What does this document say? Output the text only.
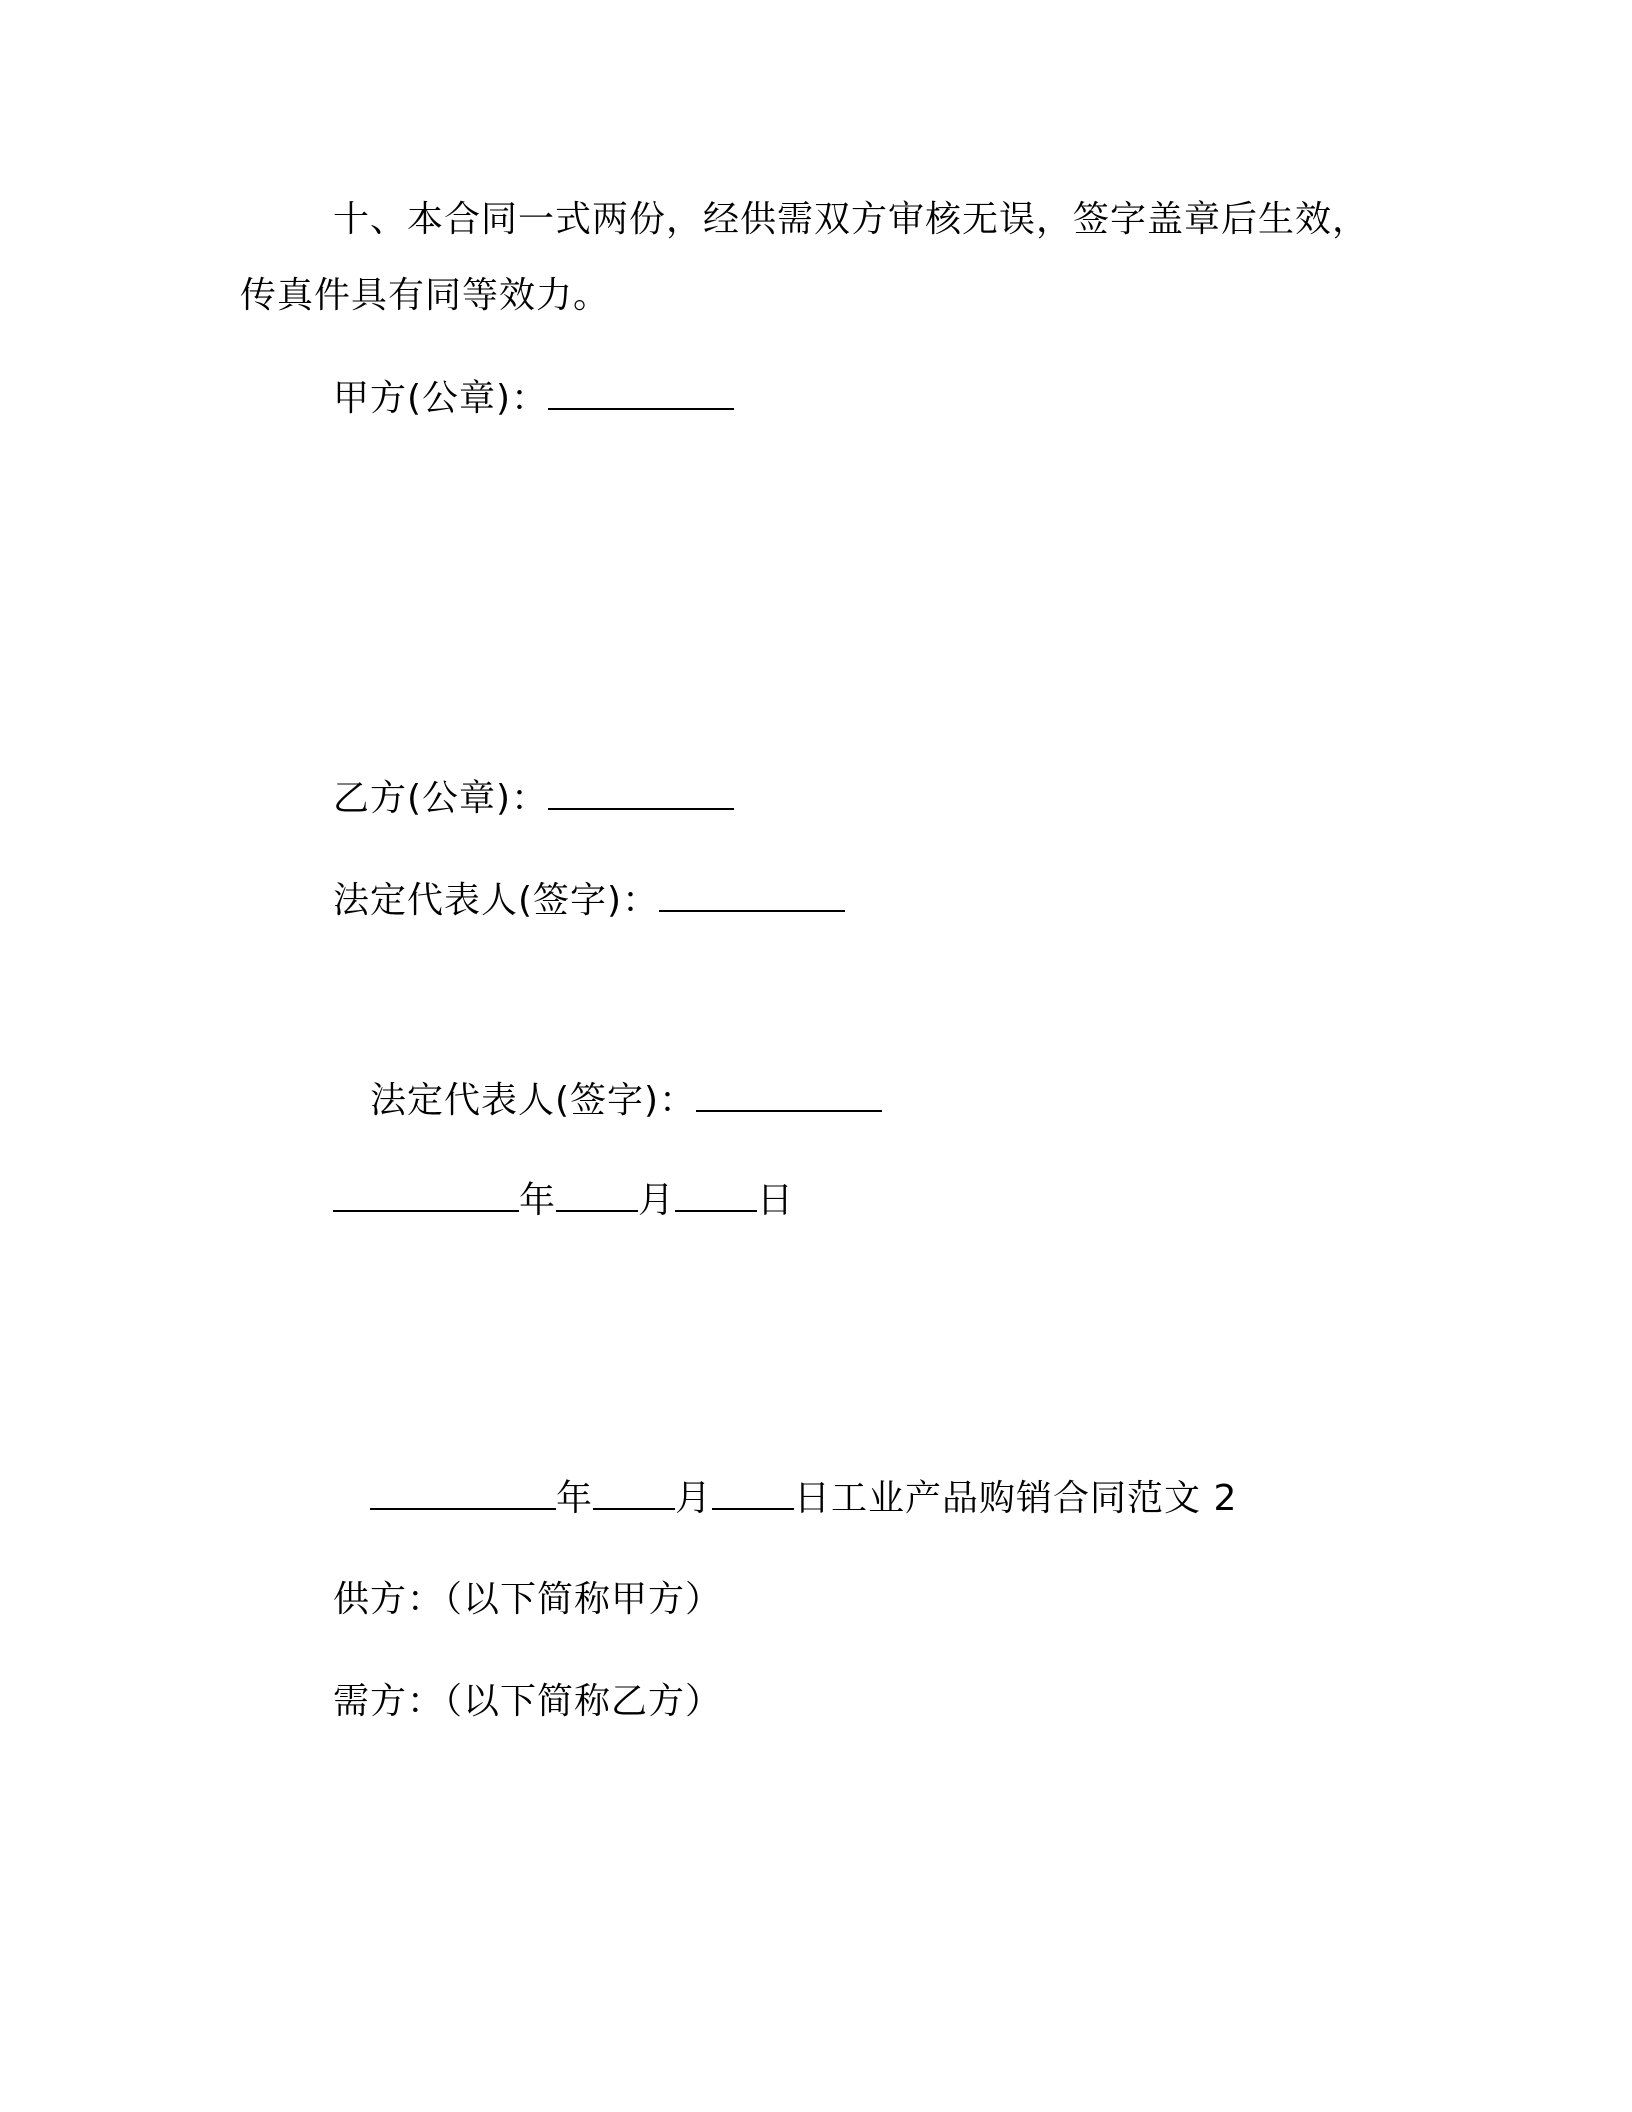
十、本合同一式两份，经供需双方审核无误，签字盖章后生效，
传真件具有同等效力。
甲方(公章)：
乙方(公章)：
法定代表人(签字)：
法定代表人(签字)：
年 月 日
年 月 日工业产品购销合同范文 2
供方：（以下简称甲方）
需方：（以下简称乙方）
